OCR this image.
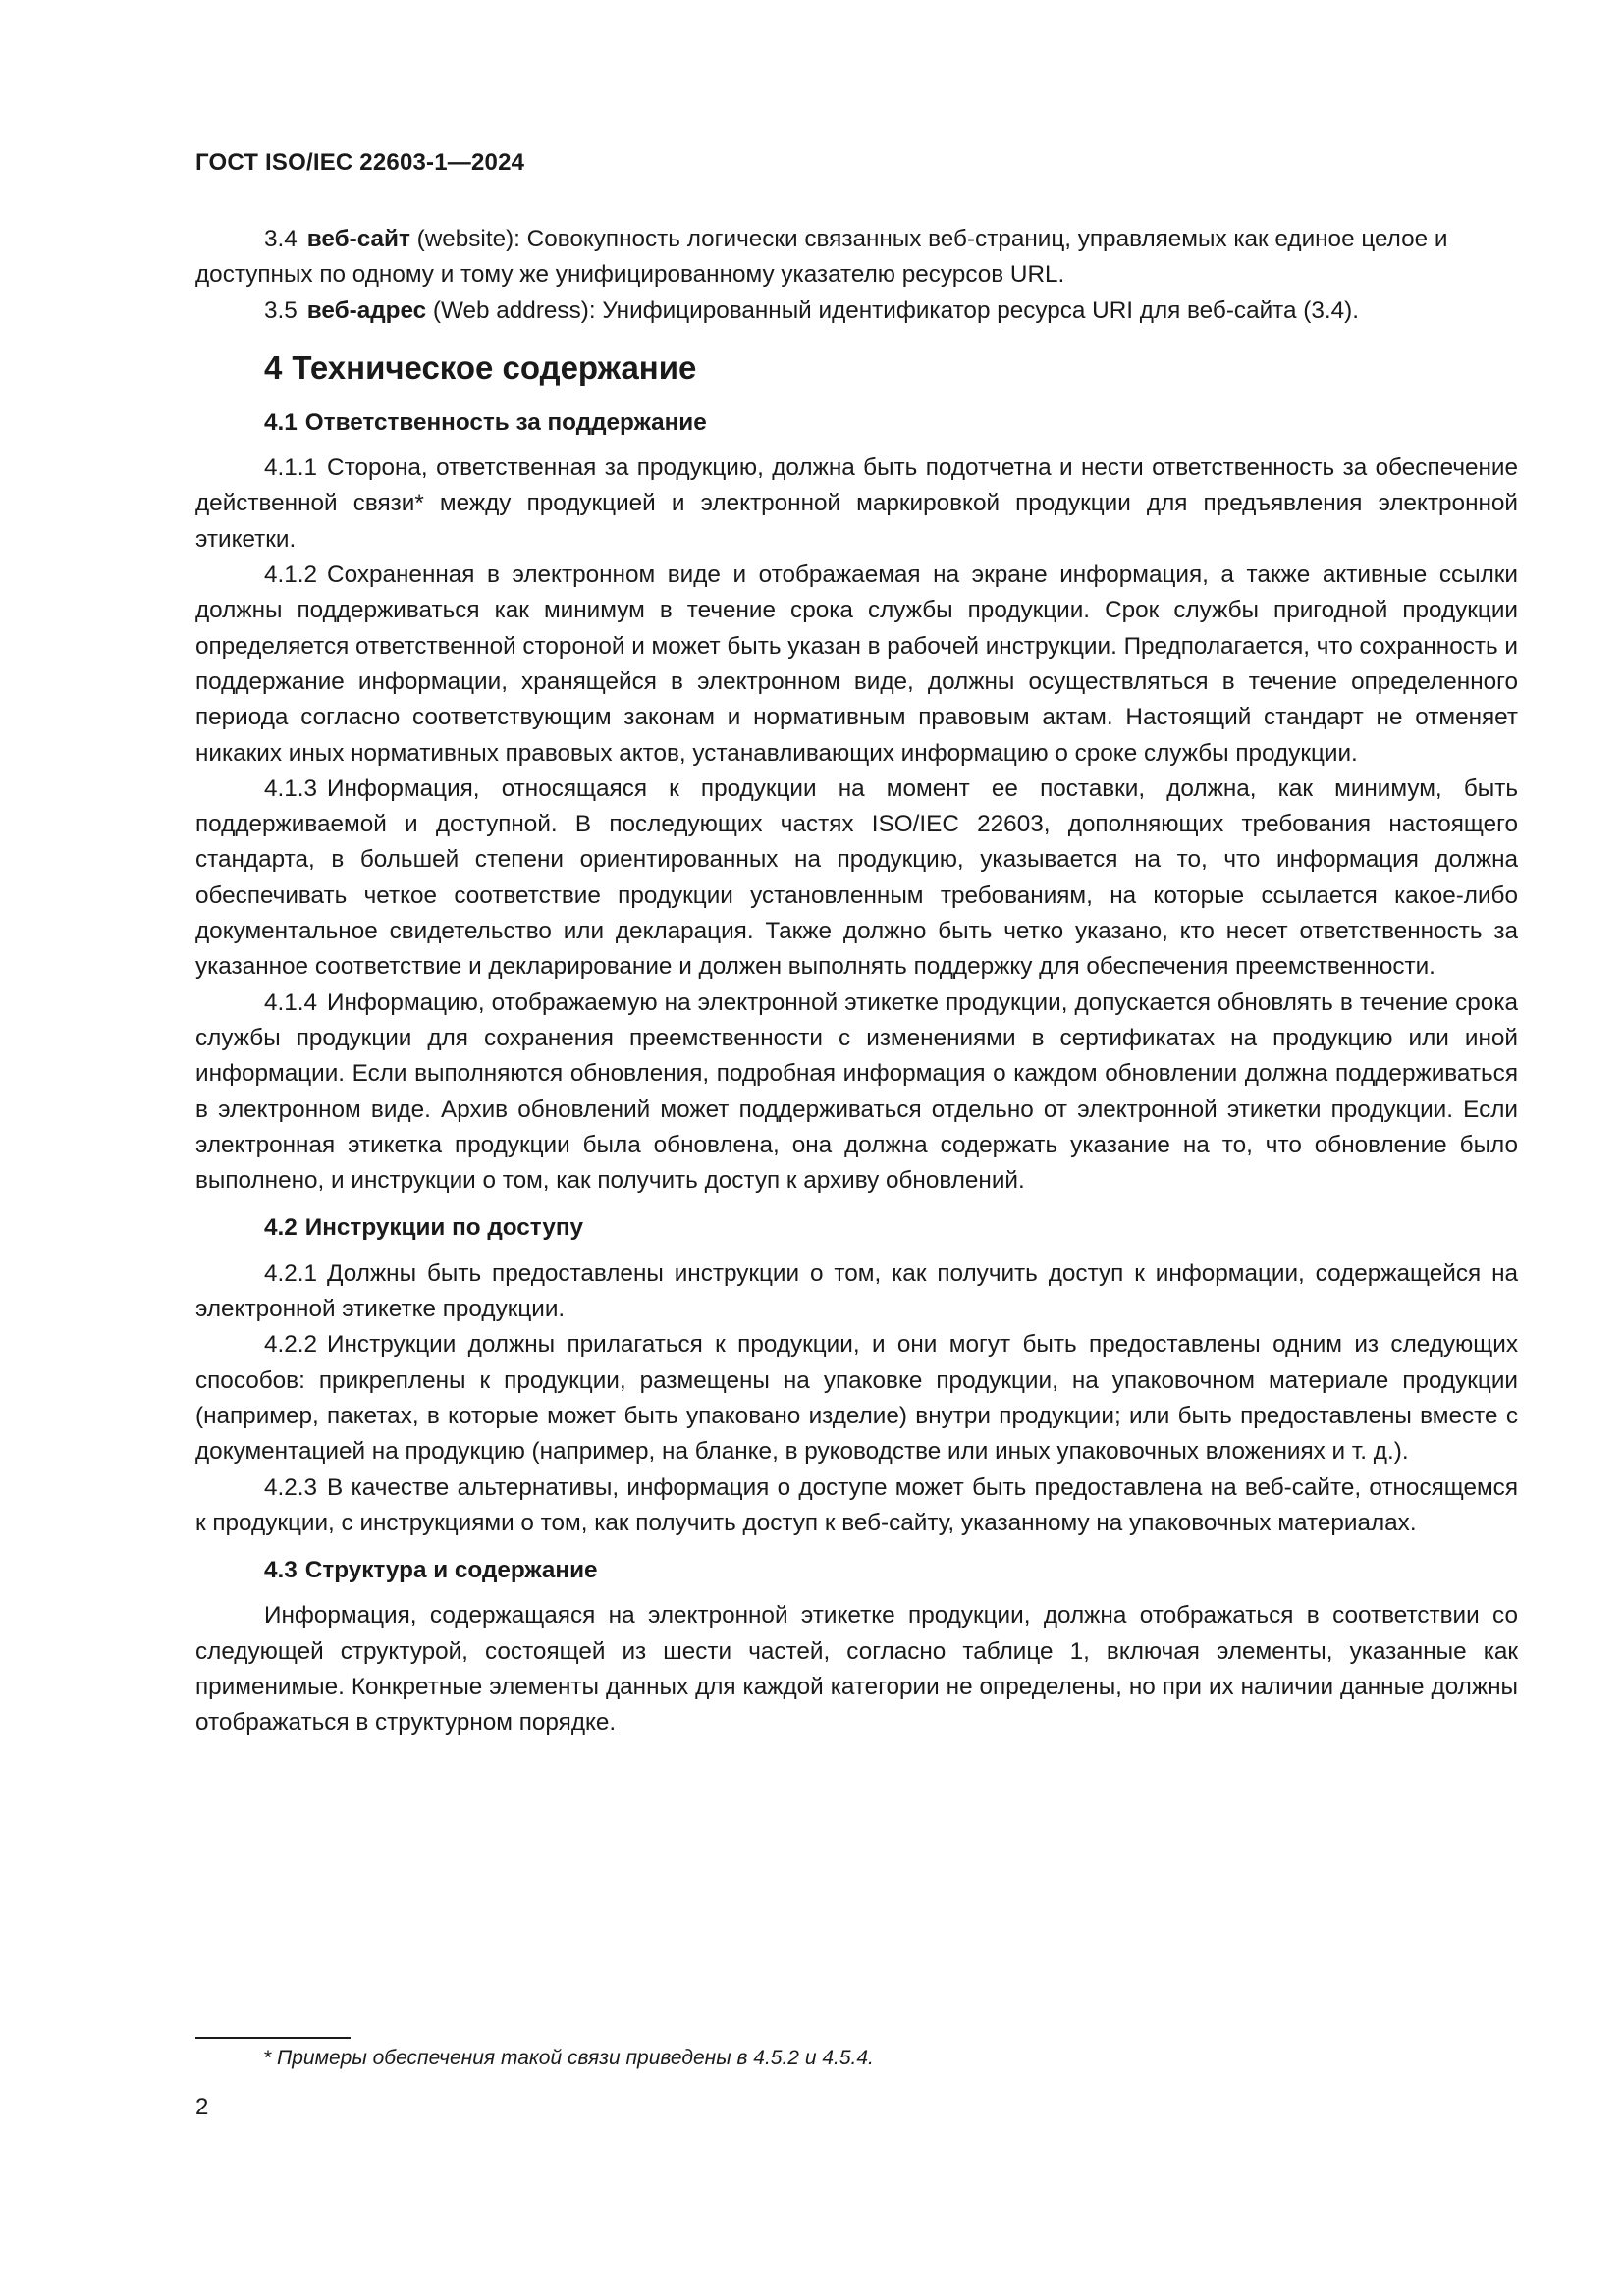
ГОСТ ISO/IEC 22603-1—2024

3.4 веб-сайт (website): Совокупность логически связанных веб-страниц, управляемых как единое целое и доступных по одному и тому же унифицированному указателю ресурсов URL.

3.5 веб-адрес (Web address): Унифицированный идентификатор ресурса URI для веб-сайта (3.4).

4 Техническое содержание
4.1 Ответственность за поддержание

4.1.1 Сторона, ответственная за продукцию, должна быть подотчетна и нести ответственность за обеспечение действенной связи* между продукцией и электронной маркировкой продукции для предъявления электронной этикетки.

4.1.2 Сохраненная в электронном виде и отображаемая на экране информация, а также активные ссылки должны поддерживаться как минимум в течение срока службы продукции. Срок службы пригодной продукции определяется ответственной стороной и может быть указан в рабочей инструкции. Предполагается, что сохранность и поддержание информации, хранящейся в электронном виде, должны осуществляться в течение определенного периода согласно соответствующим законам и нормативным правовым актам. Настоящий стандарт не отменяет никаких иных нормативных правовых актов, устанавливающих информацию о сроке службы продукции.

4.1.3 Информация, относящаяся к продукции на момент ее поставки, должна, как минимум, быть поддерживаемой и доступной. В последующих частях ISO/IEC 22603, дополняющих требования настоящего стандарта, в большей степени ориентированных на продукцию, указывается на то, что информация должна обеспечивать четкое соответствие продукции установленным требованиям, на которые ссылается какое-либо документальное свидетельство или декларация. Также должно быть четко указано, кто несет ответственность за указанное соответствие и декларирование и должен выполнять поддержку для обеспечения преемственности.

4.1.4 Информацию, отображаемую на электронной этикетке продукции, допускается обновлять в течение срока службы продукции для сохранения преемственности с изменениями в сертификатах на продукцию или иной информации. Если выполняются обновления, подробная информация о каждом обновлении должна поддерживаться в электронном виде. Архив обновлений может поддерживаться отдельно от электронной этикетки продукции. Если электронная этикетка продукции была обновлена, она должна содержать указание на то, что обновление было выполнено, и инструкции о том, как получить доступ к архиву обновлений.

4.2 Инструкции по доступу

4.2.1 Должны быть предоставлены инструкции о том, как получить доступ к информации, содержащейся на электронной этикетке продукции.

4.2.2 Инструкции должны прилагаться к продукции, и они могут быть предоставлены одним из следующих способов: прикреплены к продукции, размещены на упаковке продукции, на упаковочном материале продукции (например, пакетах, в которые может быть упаковано изделие) внутри продукции; или быть предоставлены вместе с документацией на продукцию (например, на бланке, в руководстве или иных упаковочных вложениях и т. д.).

4.2.3 В качестве альтернативы, информация о доступе может быть предоставлена на веб-сайте, относящемся к продукции, с инструкциями о том, как получить доступ к веб-сайту, указанному на упаковочных материалах.

4.3 Структура и содержание

Информация, содержащаяся на электронной этикетке продукции, должна отображаться в соответствии со следующей структурой, состоящей из шести частей, согласно таблице 1, включая элементы, указанные как применимые. Конкретные элементы данных для каждой категории не определены, но при их наличии данные должны отображаться в структурном порядке.

* Примеры обеспечения такой связи приведены в 4.5.2 и 4.5.4.
2
